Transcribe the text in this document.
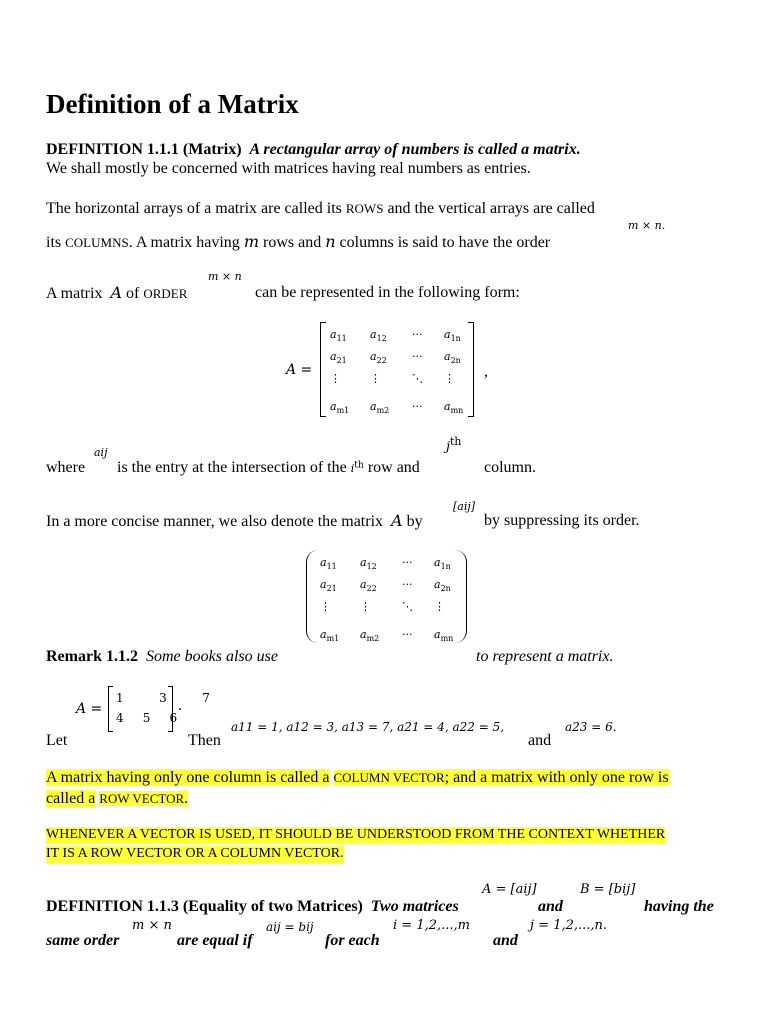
Definition of a Matrix
DEFINITION 1.1.1 (Matrix) A rectangular array of numbers is called a matrix.
We shall mostly be concerned with matrices having real numbers as entries.
The horizontal arrays of a matrix are called its ROWS and the vertical arrays are called
m × n.
its COLUMNS. A matrix having m rows and n columns is said to have the order
m × n
A matrix A of ORDER	can be represented in the following form:
A =
$a_{11}$ $a_{12}$ ··· $a_{1n}$
$a_{21}$ $a_{22}$ ··· $a_{2n}$
⋮	⋮	⋱ ⋮
$a_{m1}$ $a_{m2}$ ··· $a_{mn}$
,
aij	$j^{th}$
where is the entry at the intersection of the $i^{th}$ row and	column.
[aij]
In a more concise manner, we also denote the matrix A by	by suppressing its order.
$a_{11}$ $a_{12}$ ··· $a_{1n}$
$a_{21}$ $a_{22}$ ··· $a_{2n}$
⋮	⋮	⋱ ⋮
$a_{m1}$ $a_{m2}$ ··· $a_{mn}$
Remark 1.1.2 Some books also use	to represent a matrix.
A =
1	3	7
4 5 6
.
Let	Then
a11 = 1, a12 = 3, a13 = 7, a21 = 4, a22 = 5,
and
a23 = 6.
A matrix having only one column is called a COLUMN VECTOR; and a matrix with only one row is
called a ROW VECTOR.
WHENEVER A VECTOR IS USED, IT SHOULD BE UNDERSTOOD FROM THE CONTEXT WHETHER
IT IS A ROW VECTOR OR A COLUMN VECTOR.
A = [aij]	B = [bij]
DEFINITION 1.1.3 (Equality of two Matrices) Two matrices	and	having the
m × n	aij = bij	i = 1,2,...,m	j = 1,2,...,n.
same order	are equal if	for each	and
